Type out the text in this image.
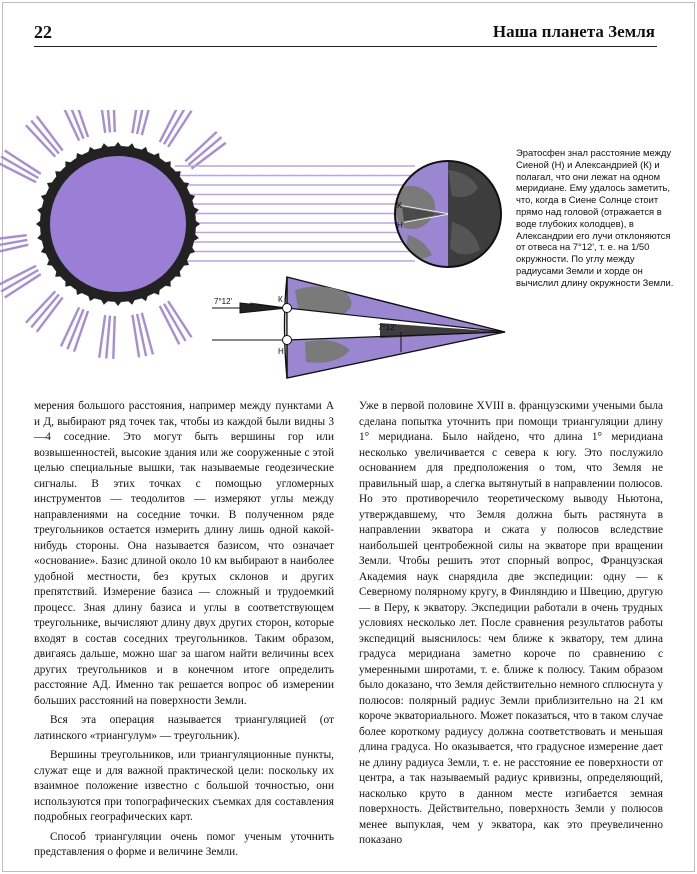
22	Наша планета Земля
К
Н
К
Н
7°12'
7°12'
Эратосфен знал расстояние между Сиеной (Н) и Александрией (К) и полагал, что они лежат на одном меридиане. Ему удалось заметить, что, когда в Сиене Солнце стоит прямо над головой (отражается в воде глубоких колодцев), в Александрии его лучи отклоняются от отвеса на 7°12', т. е. на 1/50 окружности. По углу между радиусами Земли и хорде он вычислил длину окружности Земли.

мерения большого расстояния, например между пунктами А и Д, выбирают ряд точек так, чтобы из каждой были видны 3—4 соседние. Это могут быть вершины гор или возвышенностей, высокие здания или же сооруженные с этой целью специальные вышки, так называемые геодезические сигналы. В этих точках с помощью угломерных инструментов — теодолитов — измеряют углы между направлениями на соседние точки. В полученном ряде треугольников остается измерить длину лишь одной какой-нибудь стороны. Она называется базисом, что означает «основание». Базис длиной около 10 км выбирают в наиболее удобной местности, без крутых склонов и других препятствий. Измерение базиса — сложный и трудоемкий процесс. Зная длину базиса и углы в соответствующем треугольнике, вычисляют длину двух других сторон, которые входят в состав соседних треугольников. Таким образом, двигаясь дальше, можно шаг за шагом найти величины всех других треугольников и в конечном итоге определить расстояние АД. Именно так решается вопрос об измерении больших расстояний на поверхности Земли.

Вся эта операция называется триангуляцией (от латинского «триангулум» — треугольник).

Вершины треугольников, или триангуляционные пункты, служат еще и для важной практической цели: поскольку их взаимное положение известно с большой точностью, они используются при топографических съемках для составления подробных географических карт.

Способ триангуляции очень помог ученым уточнить представления о форме и величине Земли.

Уже в первой половине XVIII в. французскими учеными была сделана попытка уточнить при помощи триангуляции длину 1° меридиана. Было найдено, что длина 1° меридиана несколько увеличивается с севера к югу. Это послужило основанием для предположения о том, что Земля не правильный шар, а слегка вытянутый в направлении полюсов. Но это противоречило теоретическому выводу Ньютона, утверждавшему, что Земля должна быть растянута в направлении экватора и сжата у полюсов вследствие наибольшей центробежной силы на экваторе при вращении Земли. Чтобы решить этот спорный вопрос, Французская Академия наук снарядила две экспедиции: одну — к Северному полярному кругу, в Финляндию и Швецию, другую — в Перу, к экватору. Экспедиции работали в очень трудных условиях несколько лет. После сравнения результатов работы экспедиций выяснилось: чем ближе к экватору, тем длина градуса меридиана заметно короче по сравнению с умеренными широтами, т. е. ближе к полюсу. Таким образом было доказано, что Земля действительно немного сплюснута у полюсов: полярный радиус Земли приблизительно на 21 км короче экваториального. Может показаться, что в таком случае более короткому радиусу должна соответствовать и меньшая длина градуса. Но оказывается, что градусное измерение дает не длину радиуса Земли, т. е. не расстояние ее поверхности от центра, а так называемый радиус кривизны, определяющий, насколько круто в данном месте изгибается земная поверхность. Действительно, поверхность Земли у полюсов менее выпуклая, чем у экватора, как это преувеличенно показано
